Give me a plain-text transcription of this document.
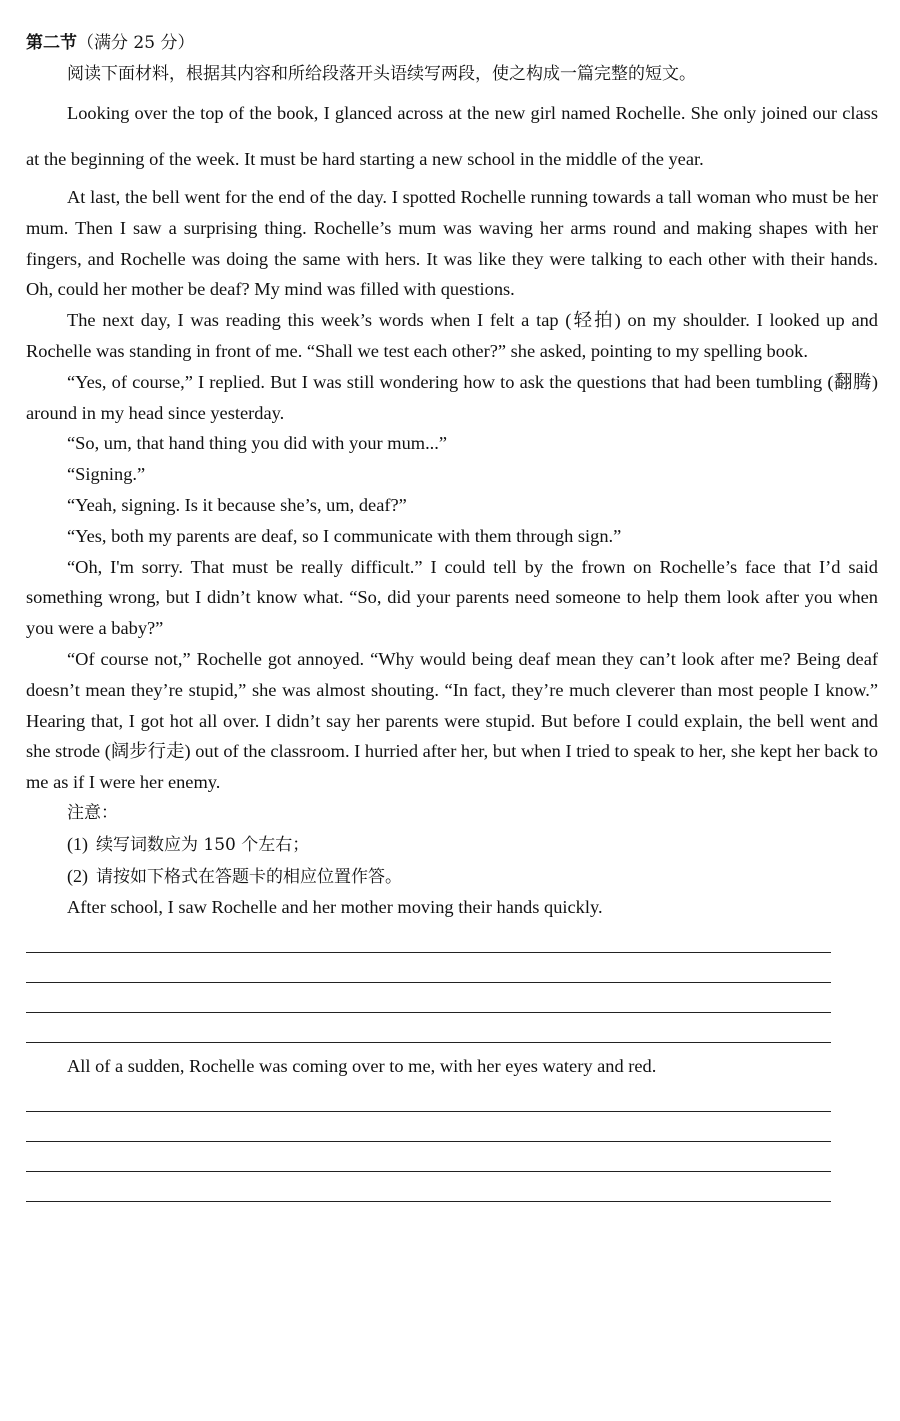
第二节（满分 25 分）
阅读下面材料，根据其内容和所给段落开头语续写两段，使之构成一篇完整的短文。

Looking over the top of the book, I glanced across at the new girl named Rochelle. She only joined our class at the beginning of the week. It must be hard starting a new school in the middle of the year.

At last, the bell went for the end of the day. I spotted Rochelle running towards a tall woman who must be her mum. Then I saw a surprising thing. Rochelle’s mum was waving her arms round and making shapes with her fingers, and Rochelle was doing the same with hers. It was like they were talking to each other with their hands. Oh, could her mother be deaf? My mind was filled with questions.

The next day, I was reading this week’s words when I felt a tap (轻拍) on my shoulder. I looked up and Rochelle was standing in front of me. “Shall we test each other?” she asked, pointing to my spelling book.

“Yes, of course,” I replied. But I was still wondering how to ask the questions that had been tumbling (翻腾) around in my head since yesterday.

“So, um, that hand thing you did with your mum...”

“Signing.”

“Yeah, signing. Is it because she’s, um, deaf?”

“Yes, both my parents are deaf, so I communicate with them through sign.”

“Oh, I'm sorry. That must be really difficult.” I could tell by the frown on Rochelle’s face that I’d said something wrong, but I didn’t know what. “So, did your parents need someone to help them look after you when you were a baby?”

“Of course not,” Rochelle got annoyed. “Why would being deaf mean they can’t look after me? Being deaf doesn’t mean they’re stupid,” she was almost shouting. “In fact, they’re much cleverer than most people I know.” Hearing that, I got hot all over. I didn’t say her parents were stupid. But before I could explain, the bell went and she strode (阔步行走) out of the classroom. I hurried after her, but when I tried to speak to her, she kept her back to me as if I were her enemy.

注意：
(1) 续写词数应为 150 个左右；
(2) 请按如下格式在答题卡的相应位置作答。
After school, I saw Rochelle and her mother moving their hands quickly.
All of a sudden, Rochelle was coming over to me, with her eyes watery and red.
